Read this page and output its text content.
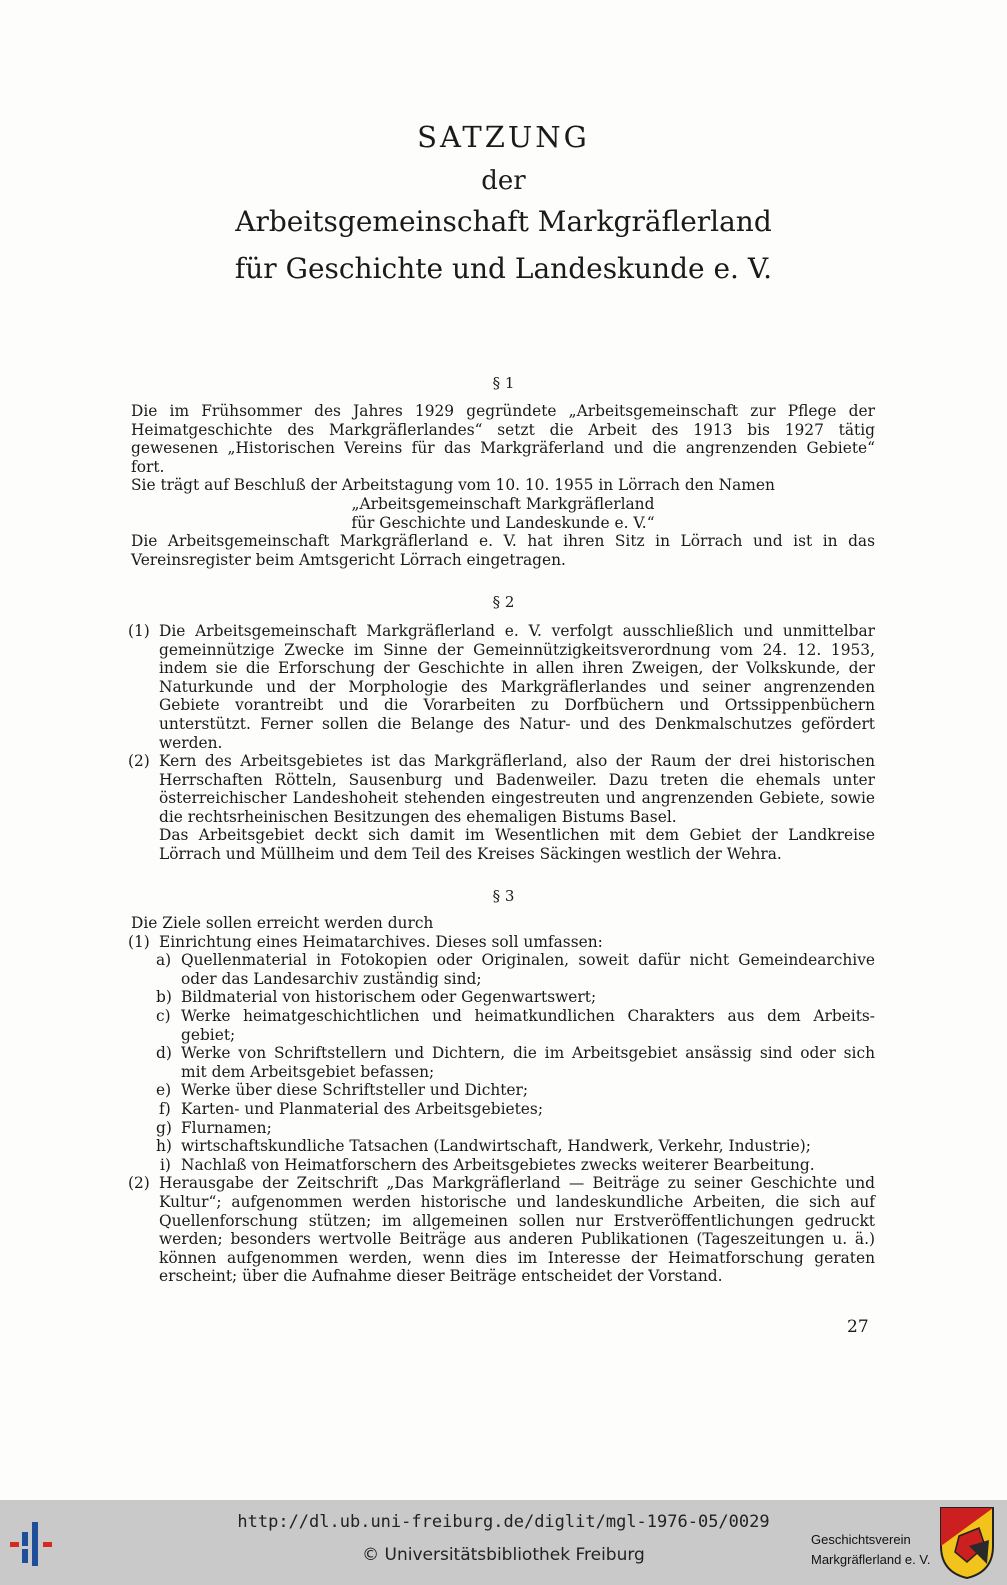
SATZUNG
der
Arbeitsgemeinschaft Markgräflerland
für Geschichte und Landeskunde e. V.
§ 1
Die im Frühsommer des Jahres 1929 gegründete „Arbeitsgemeinschaft zur Pflege der
Heimatgeschichte des Markgräflerlandes“ setzt die Arbeit des 1913 bis 1927 tätig
gewesenen „Historischen Vereins für das Markgräferland und die angrenzenden Gebiete“
fort.
Sie trägt auf Beschluß der Arbeitstagung vom 10. 10. 1955 in Lörrach den Namen
„Arbeitsgemeinschaft Markgräflerland
für Geschichte und Landeskunde e. V.“
Die Arbeitsgemeinschaft Markgräflerland e. V. hat ihren Sitz in Lörrach und ist in das
Vereinsregister beim Amtsgericht Lörrach eingetragen.
§ 2
(1) Die Arbeitsgemeinschaft Markgräflerland e. V. verfolgt ausschließlich und unmittelbar
gemeinnützige Zwecke im Sinne der Gemeinnützigkeitsverordnung vom 24. 12. 1953,
indem sie die Erforschung der Geschichte in allen ihren Zweigen, der Volkskunde, der
Naturkunde und der Morphologie des Markgräflerlandes und seiner angrenzenden
Gebiete vorantreibt und die Vorarbeiten zu Dorfbüchern und Ortssippenbüchern
unterstützt. Ferner sollen die Belange des Natur- und des Denkmalschutzes gefördert
werden.
(2) Kern des Arbeitsgebietes ist das Markgräflerland, also der Raum der drei historischen
Herrschaften Rötteln, Sausenburg und Badenweiler. Dazu treten die ehemals unter
österreichischer Landeshoheit stehenden eingestreuten und angrenzenden Gebiete, sowie
die rechtsrheinischen Besitzungen des ehemaligen Bistums Basel.
Das Arbeitsgebiet deckt sich damit im Wesentlichen mit dem Gebiet der Landkreise
Lörrach und Müllheim und dem Teil des Kreises Säckingen westlich der Wehra.
§ 3
Die Ziele sollen erreicht werden durch
(1) Einrichtung eines Heimatarchives. Dieses soll umfassen:
a) Quellenmaterial in Fotokopien oder Originalen, soweit dafür nicht Gemeindearchive
oder das Landesarchiv zuständig sind;
b) Bildmaterial von historischem oder Gegenwartswert;
c) Werke heimatgeschichtlichen und heimatkundlichen Charakters aus dem Arbeits-
gebiet;
d) Werke von Schriftstellern und Dichtern, die im Arbeitsgebiet ansässig sind oder sich
mit dem Arbeitsgebiet befassen;
e) Werke über diese Schriftsteller und Dichter;
f) Karten- und Planmaterial des Arbeitsgebietes;
g) Flurnamen;
h) wirtschaftskundliche Tatsachen (Landwirtschaft, Handwerk, Verkehr, Industrie);
i) Nachlaß von Heimatforschern des Arbeitsgebietes zwecks weiterer Bearbeitung.
(2) Herausgabe der Zeitschrift „Das Markgräflerland — Beiträge zu seiner Geschichte und
Kultur“; aufgenommen werden historische und landeskundliche Arbeiten, die sich auf
Quellenforschung stützen; im allgemeinen sollen nur Erstveröffentlichungen gedruckt
werden; besonders wertvolle Beiträge aus anderen Publikationen (Tageszeitungen u. ä.)
können aufgenommen werden, wenn dies im Interesse der Heimatforschung geraten
erscheint; über die Aufnahme dieser Beiträge entscheidet der Vorstand.
27
http://dl.ub.uni-freiburg.de/diglit/mgl-1976-05/0029
© Universitätsbibliothek Freiburg
Geschichtsverein
Markgräflerland e. V.
